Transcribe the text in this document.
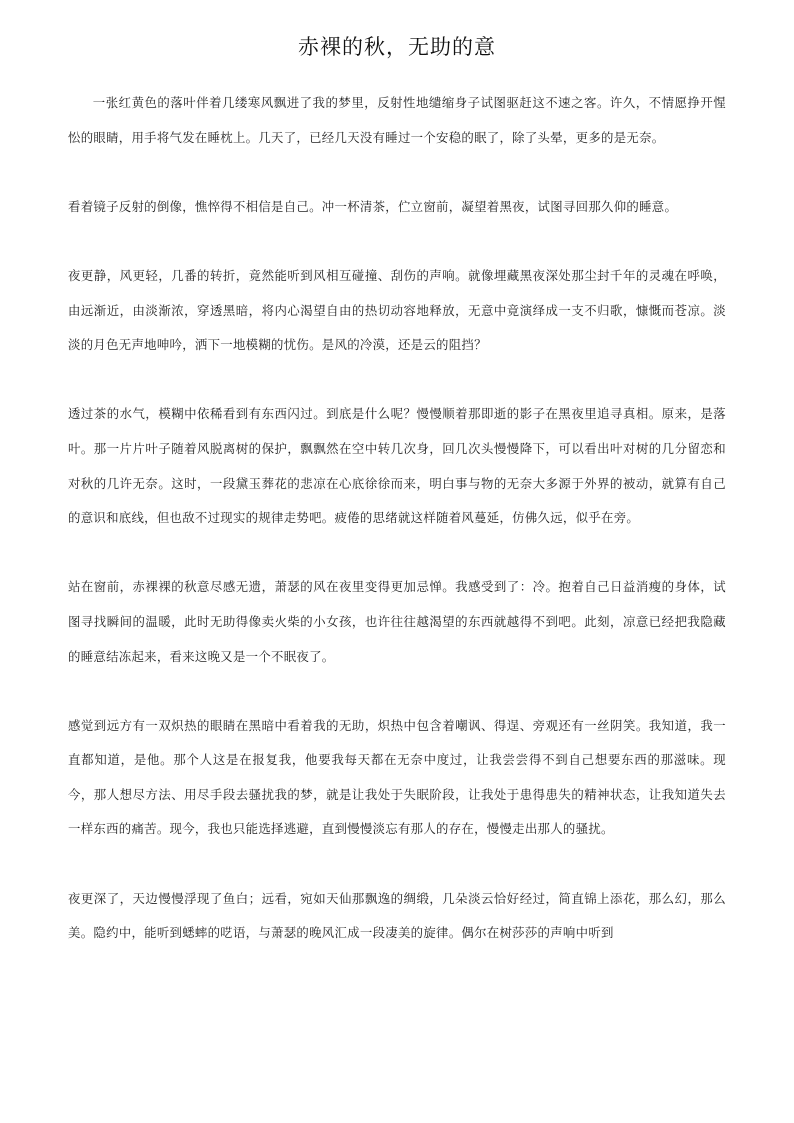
赤裸的秋，无助的意

一张红黄色的落叶伴着几缕寒风飘进了我的梦里，反射性地缱缩身子试图驱赶这不速之客。许久，不情愿挣开惺忪的眼睛，用手将气发在睡枕上。几天了，已经几天没有睡过一个安稳的眠了，除了头晕，更多的是无奈。

看着镜子反射的倒像，憔悴得不相信是自己。冲一杯清茶，伫立窗前，凝望着黑夜，试图寻回那久仰的睡意。

夜更静，风更轻，几番的转折，竟然能听到风相互碰撞、刮伤的声响。就像埋藏黑夜深处那尘封千年的灵魂在呼唤，由远渐近，由淡渐浓，穿透黑暗，将内心渴望自由的热切动容地释放，无意中竟演绎成一支不归歌，慷慨而苍凉。淡淡的月色无声地呻吟，洒下一地模糊的忧伤。是风的冷漠，还是云的阻挡？

透过茶的水气，模糊中依稀看到有东西闪过。到底是什么呢？慢慢顺着那即逝的影子在黑夜里追寻真相。原来，是落叶。那一片片叶子随着风脱离树的保护，飘飘然在空中转几次身，回几次头慢慢降下，可以看出叶对树的几分留恋和对秋的几许无奈。这时，一段黛玉葬花的悲凉在心底徐徐而来，明白事与物的无奈大多源于外界的被动，就算有自己的意识和底线，但也敌不过现实的规律走势吧。疲倦的思绪就这样随着风蔓延，仿佛久远，似乎在旁。

站在窗前，赤裸裸的秋意尽感无遗，萧瑟的风在夜里变得更加忌惮。我感受到了：冷。抱着自己日益消瘦的身体，试图寻找瞬间的温暖，此时无助得像卖火柴的小女孩，也许往往越渴望的东西就越得不到吧。此刻，凉意已经把我隐藏的睡意结冻起来，看来这晚又是一个不眠夜了。

感觉到远方有一双炽热的眼睛在黑暗中看着我的无助，炽热中包含着嘲讽、得逞、旁观还有一丝阴笑。我知道，我一直都知道，是他。那个人这是在报复我，他要我每天都在无奈中度过，让我尝尝得不到自己想要东西的那滋味。现今，那人想尽方法、用尽手段去骚扰我的梦，就是让我处于失眠阶段，让我处于患得患失的精神状态，让我知道失去一样东西的痛苦。现今，我也只能选择逃避，直到慢慢淡忘有那人的存在，慢慢走出那人的骚扰。

夜更深了，天边慢慢浮现了鱼白；远看，宛如天仙那飘逸的绸缎，几朵淡云恰好经过，简直锦上添花，那么幻，那么美。隐约中，能听到蟋蟀的呓语，与萧瑟的晚风汇成一段凄美的旋律。偶尔在树莎莎的声响中听到
